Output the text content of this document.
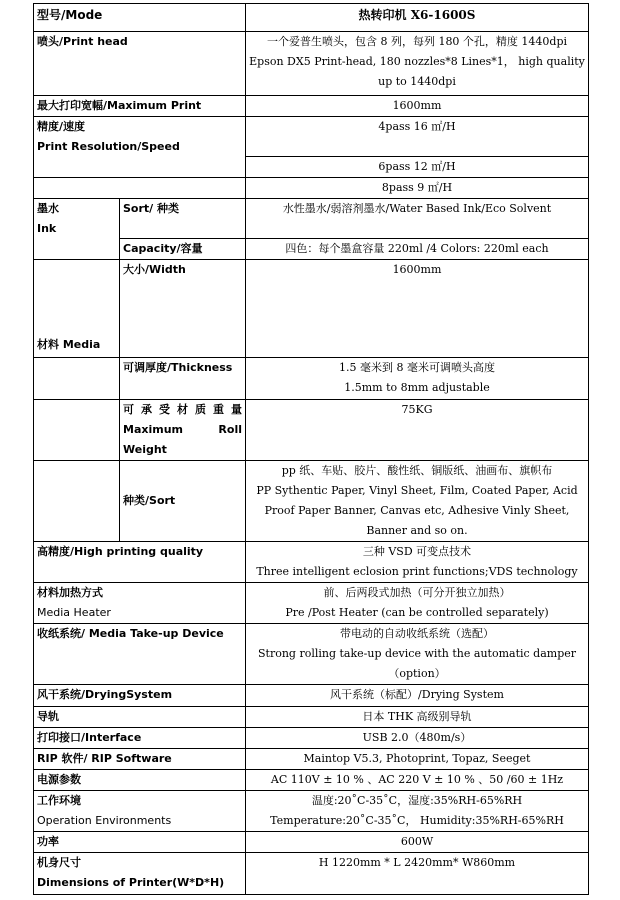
型号/Mode		热转印机 X6-1600S
喷头/Print head		一个爱普生喷头，包含 8 列，每列 180 个孔，精度 1440dpi
Epson DX5 Print-head, 180 nozzles*8 Lines*1， high quality up to 1440dpi

最大打印宽幅/Maximum Print		1600mm

精度/速度
Print Resolution/Speed		4pass 16 ㎡/H
		6pass 12 ㎡/H
		8pass 9 ㎡/H

墨水
Ink	Sort/ 种类	水性墨水/弱溶剂墨水/Water Based Ink/Eco Solvent
	Capacity/容量	四色：每个墨盒容量 220ml /4 Colors: 220ml each
材料 Media	大小/Width	1600mm
	可调厚度/Thickness	1.5 毫米到 8 毫米可调喷头高度
1.5mm to 8mm adjustable

	可 承 受 材 质 重 量
Maximum Roll
Weight	75KG
	种类/Sort	pp 纸、车贴、胶片、酸性纸、铜版纸、油画布、旗帜布
PP Sythentic Paper, Vinyl Sheet, Film, Coated Paper, Acid Proof Paper Banner, Canvas etc, Adhesive Vinly Sheet, Banner and so on.

高精度/High printing quality		三种 VSD 可变点技术
Three intelligent eclosion print functions;VDS technology

材料加热方式
Media Heater		前、后两段式加热（可分开独立加热）
Pre /Post Heater (can be controlled separately)

收纸系统/ Media Take-up Device		带电动的自动收纸系统（选配）
Strong rolling take-up device with the automatic damper （option）

风干系统/DryingSystem		风干系统（标配）/Drying System
导轨		日本 THK 高级别导轨
打印接口/Interface		USB 2.0（480m/s）
RIP 软件/ RIP Software		Maintop V5.3, Photoprint, Topaz, Seeget
电源参数		AC 110V ± 10 % 、AC 220 V ± 10 % 、50 /60 ± 1Hz

工作环境
Operation Environments		温度:20˚C-35˚C，湿度:35%RH-65%RH
Temperature:20˚C-35˚C， Humidity:35%RH-65%RH

功率		600W

机身尺寸
Dimensions of Printer(W*D*H)		H 1220mm * L 2420mm* W860mm
